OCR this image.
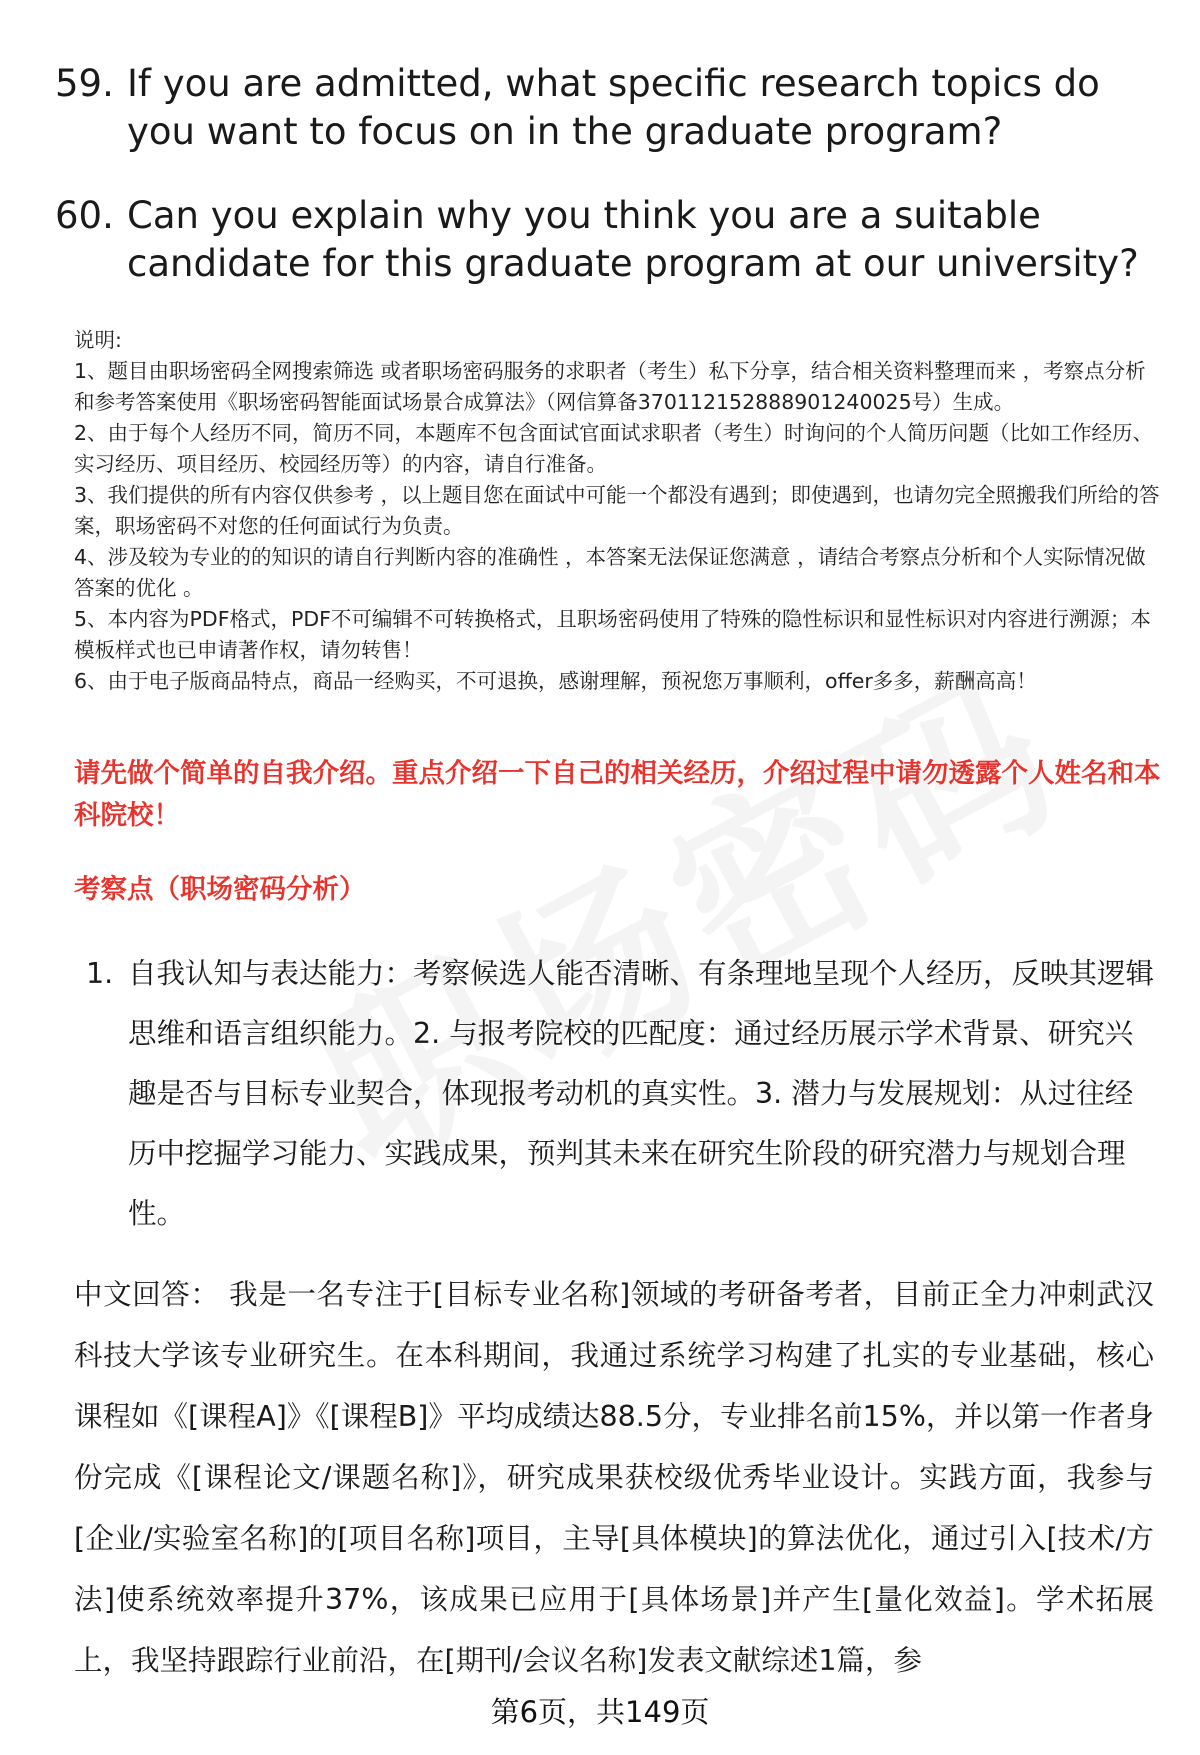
59. If you are admitted, what specific research topics do you want to focus on in the graduate program?
60. Can you explain why you think you are a suitable candidate for this graduate program at our university?

说明:

1、题目由职场密码全网搜索筛选 或者职场密码服务的求职者（考生）私下分享，结合相关资料整理而来 ，考察点分析和参考答案使用《职场密码智能面试场景合成算法》（网信算备370112152888901240025号）生成。

2、由于每个人经历不同，简历不同，本题库不包含面试官面试求职者（考生）时询问的个人简历问题（比如工作经历、实习经历、项目经历、校园经历等）的内容，请自行准备。

3、我们提供的所有内容仅供参考 ，以上题目您在面试中可能一个都没有遇到；即使遇到，也请勿完全照搬我们所给的答案，职场密码不对您的任何面试行为负责。

4、涉及较为专业的的知识的请自行判断内容的准确性 ，本答案无法保证您满意 ，请结合考察点分析和个人实际情况做答案的优化 。

5、本内容为PDF格式，PDF不可编辑不可转换格式，且职场密码使用了特殊的隐性标识和显性标识对内容进行溯源；本模板样式也已申请著作权，请勿转售！

6、由于电子版商品特点，商品一经购买，不可退换，感谢理解，预祝您万事顺利，offer多多，薪酬高高！

请先做个简单的自我介绍。重点介绍一下自己的相关经历，介绍过程中请勿透露个人姓名和本科院校！
考察点（职场密码分析）
1. 自我认知与表达能力：考察候选人能否清晰、有条理地呈现个人经历，反映其逻辑思维和语言组织能力。2. 与报考院校的匹配度：通过经历展示学术背景、研究兴趣是否与目标专业契合，体现报考动机的真实性。3. 潜力与发展规划：从过往经历中挖掘学习能力、实践成果，预判其未来在研究生阶段的研究潜力与规划合理性。
中文回答： 我是一名专注于[目标专业名称]领域的考研备考者，目前正全力冲刺武汉科技大学该专业研究生。在本科期间，我通过系统学习构建了扎实的专业基础，核心课程如《[课程A]》《[课程B]》平均成绩达88.5分，专业排名前15%，并以第一作者身份完成《[课程论文/课题名称]》，研究成果获校级优秀毕业设计。实践方面，我参与[企业/实验室名称]的[项目名称]项目，主导[具体模块]的算法优化，通过引入[技术/方法]使系统效率提升37%，该成果已应用于[具体场景]并产生[量化效益]。学术拓展上，我坚持跟踪行业前沿，在[期刊/会议名称]发表文献综述1篇，参
第6页，共149页
